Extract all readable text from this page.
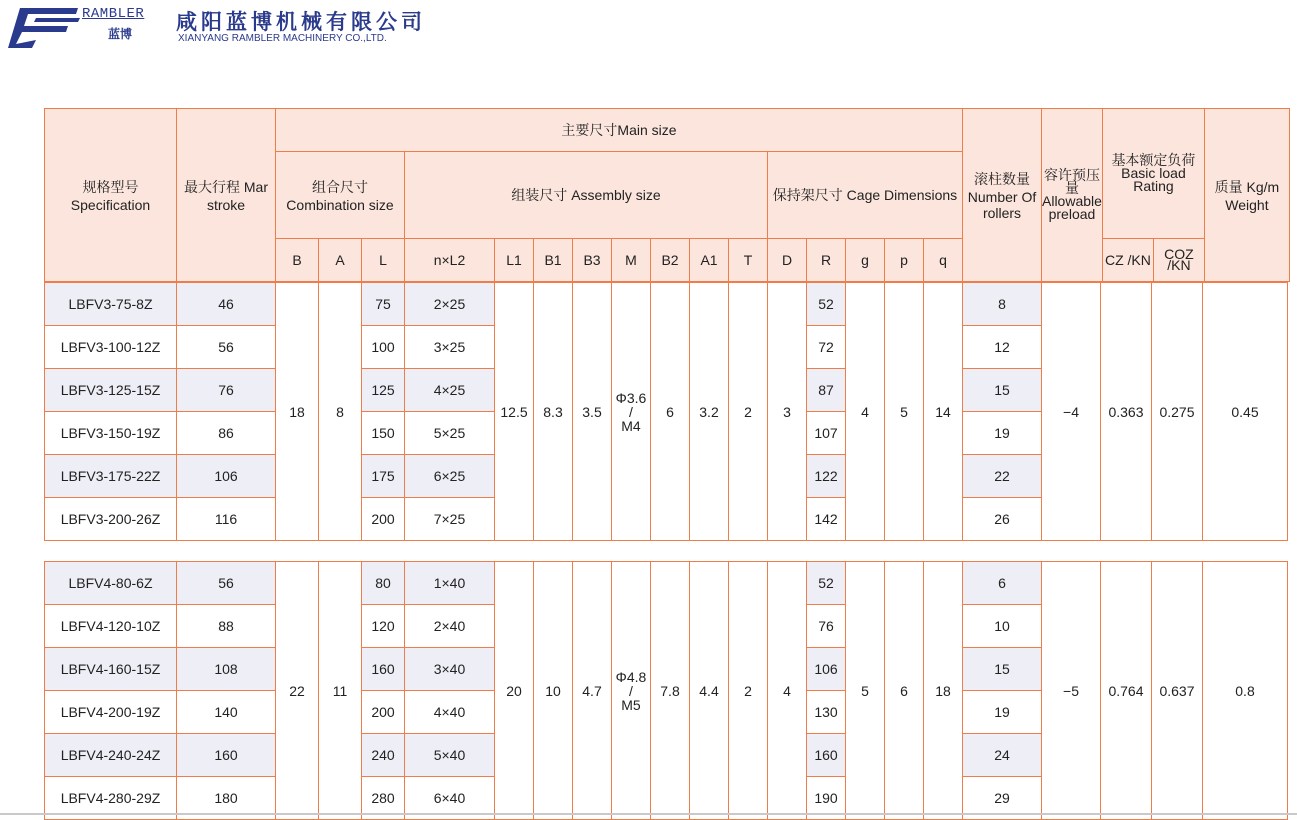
RAMBLER
蓝博 咸阳蓝博机械有限公司
XIANYANG RAMBLER MACHINERY CO.,LTD.
规格型号 Specification	最大行程 Mar stroke	主要尺寸Main size																滚柱数量 Number Of rollers	容许预压量 Allowable preload	基本额定负荷 Basic load Rating		质量 Kg/m Weight
		组合尺寸 Combination size			组装尺寸 Assembly size								保持架尺寸 Cage Dimensions									
		B	A	L	n×L2	L1	B1	B3	M	B2	A1	T	D	R	g	p	q			CZ /KN	COZ /KN	
LBFV3-75-8Z	46	18	8	75	2×25	12.5	8.3	3.5	Φ3.6
/
M4	6	3.2	2	3	52	4	5	14	8	−4	0.363	0.275	0.45
LBFV3-100-12Z	56			100	3×25									72				12				
LBFV3-125-15Z	76			125	4×25									87				15				
LBFV3-150-19Z	86			150	5×25									107				19				
LBFV3-175-22Z	106			175	6×25									122				22				
LBFV3-200-26Z	116			200	7×25									142				26				
LBFV4-80-6Z	56	22	11	80	1×40	20	10	4.7	Φ4.8
/
M5	7.8	4.4	2	4	52	5	6	18	6	−5	0.764	0.637	0.8
LBFV4-120-10Z	88			120	2×40									76				10				
LBFV4-160-15Z	108			160	3×40									106				15				
LBFV4-200-19Z	140			200	4×40									130				19				
LBFV4-240-24Z	160			240	5×40									160				24				
LBFV4-280-29Z	180			280	6×40									190				29				
